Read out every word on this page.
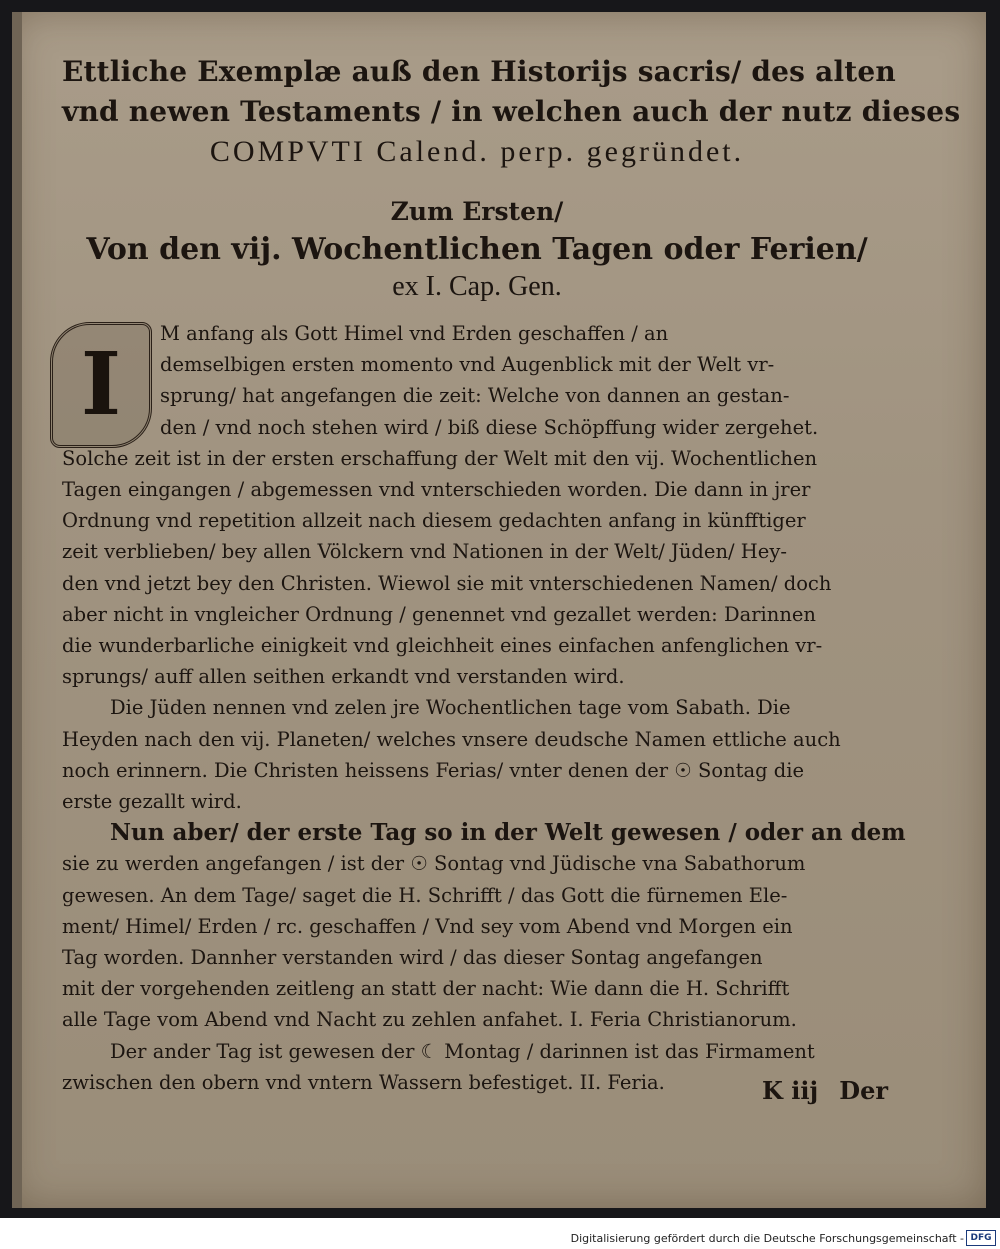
Ettliche Exemplæ auß den Historijs sacris/ des alten
vnd newen Testaments / in welchen auch der nutz dieses
COMPVTI Calend. perp. gegründet.
Zum Ersten/
Von den vij. Wochentlichen Tagen oder Ferien/
ex I. Cap. Gen.
I
M anfang als Gott Himel vnd Erden geschaffen / an
demselbigen ersten momento vnd Augenblick mit der Welt vr-
sprung/ hat angefangen die zeit: Welche von dannen an gestan-
den / vnd noch stehen wird / biß diese Schöpffung wider zergehet.
Solche zeit ist in der ersten erschaffung der Welt mit den vij. Wochentlichen
Tagen eingangen / abgemessen vnd vnterschieden worden. Die dann in jrer
Ordnung vnd repetition allzeit nach diesem gedachten anfang in künfftiger
zeit verblieben/ bey allen Völckern vnd Nationen in der Welt/ Jüden/ Hey-
den vnd jetzt bey den Christen. Wiewol sie mit vnterschiedenen Namen/ doch
aber nicht in vngleicher Ordnung / genennet vnd gezallet werden: Darinnen
die wunderbarliche einigkeit vnd gleichheit eines einfachen anfenglichen vr-
sprungs/ auff allen seithen erkandt vnd verstanden wird.
Die Jüden nennen vnd zelen jre Wochentlichen tage vom Sabath. Die
Heyden nach den vij. Planeten/ welches vnsere deudsche Namen ettliche auch
noch erinnern. Die Christen heissens Ferias/ vnter denen der ☉ Sontag die
erste gezallt wird.
Nun aber/ der erste Tag so in der Welt gewesen / oder an dem
sie zu werden angefangen / ist der ☉ Sontag vnd Jüdische vna Sabathorum
gewesen. An dem Tage/ saget die H. Schrifft / das Gott die fürnemen Ele-
ment/ Himel/ Erden / rc. geschaffen / Vnd sey vom Abend vnd Morgen ein
Tag worden. Dannher verstanden wird / das dieser Sontag angefangen
mit der vorgehenden zeitleng an statt der nacht: Wie dann die H. Schrifft
alle Tage vom Abend vnd Nacht zu zehlen anfahet. I. Feria Christianorum.
Der ander Tag ist gewesen der ☾ Montag / darinnen ist das Firmament
zwischen den obern vnd vntern Wassern befestiget. II. Feria.	K iij Der
Digitalisierung gefördert durch die Deutsche Forschungsgemeinschaft - DFG
